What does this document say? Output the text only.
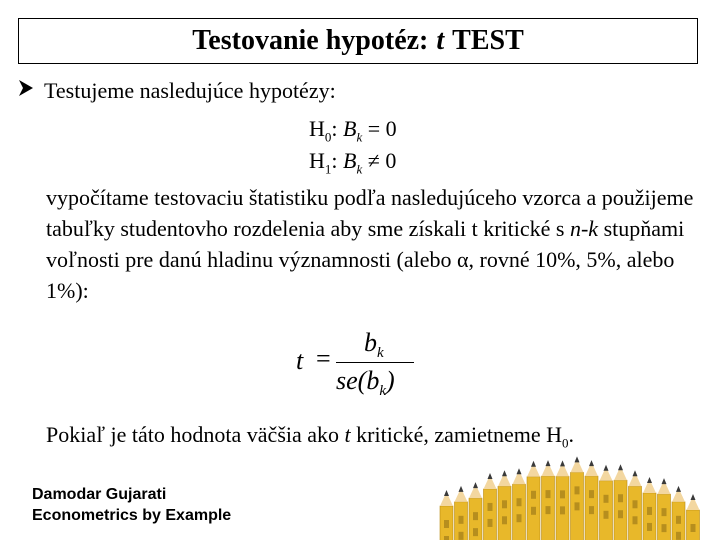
Testovanie hypotéz: t TEST
Testujeme nasledujúce hypotézy:
$H_0$: $B_k = 0$
$H_1$: $B_k \ne 0$
vypočítame testovaciu štatistiku podľa nasledujúceho vzorca a použijeme tabuľky studentovho rozdelenia aby sme získali t kritické s n-k stupňami voľnosti pre danú hladinu významnosti (alebo α, rovné 10%, 5%, alebo 1%):
t =
$b_k$
$se(b_k)$
Pokiaľ je táto hodnota väčšia ako t kritické, zamietneme $H_0$.
Damodar Gujarati
Econometrics by Example
